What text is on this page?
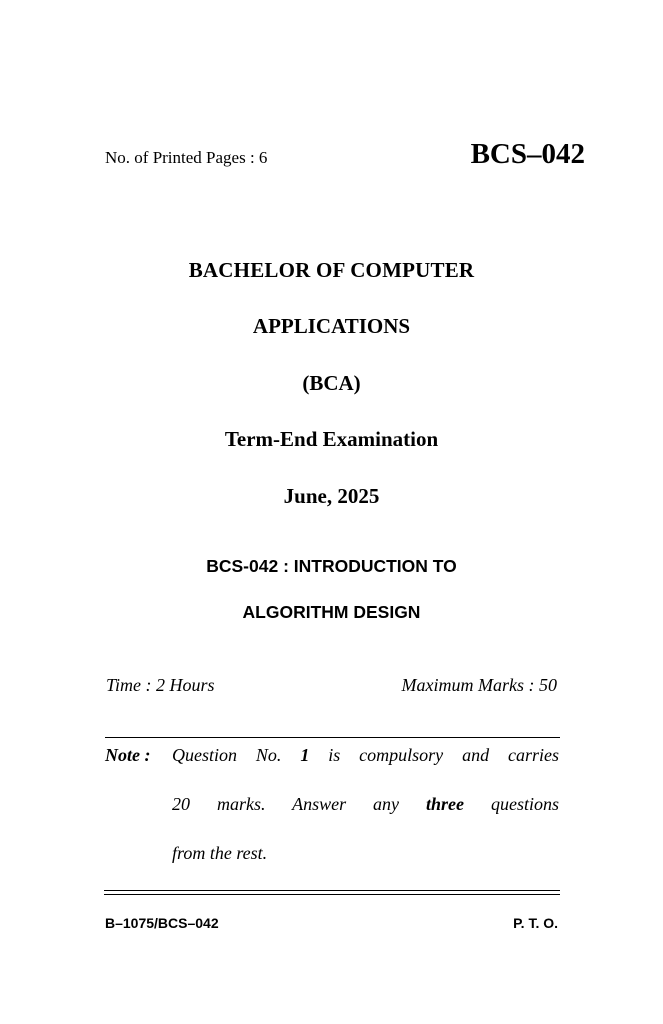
No. of Printed Pages : 6	BCS–042
BACHELOR OF COMPUTER
APPLICATIONS
(BCA)
Term-End Examination
June, 2025
BCS-042 : INTRODUCTION TO
ALGORITHM DESIGN
Time : 2 Hours	Maximum Marks : 50
Note : Question No. 1 is compulsory and carries
20 marks. Answer any three questions
from the rest.
B–1075/BCS–042	P. T. O.
